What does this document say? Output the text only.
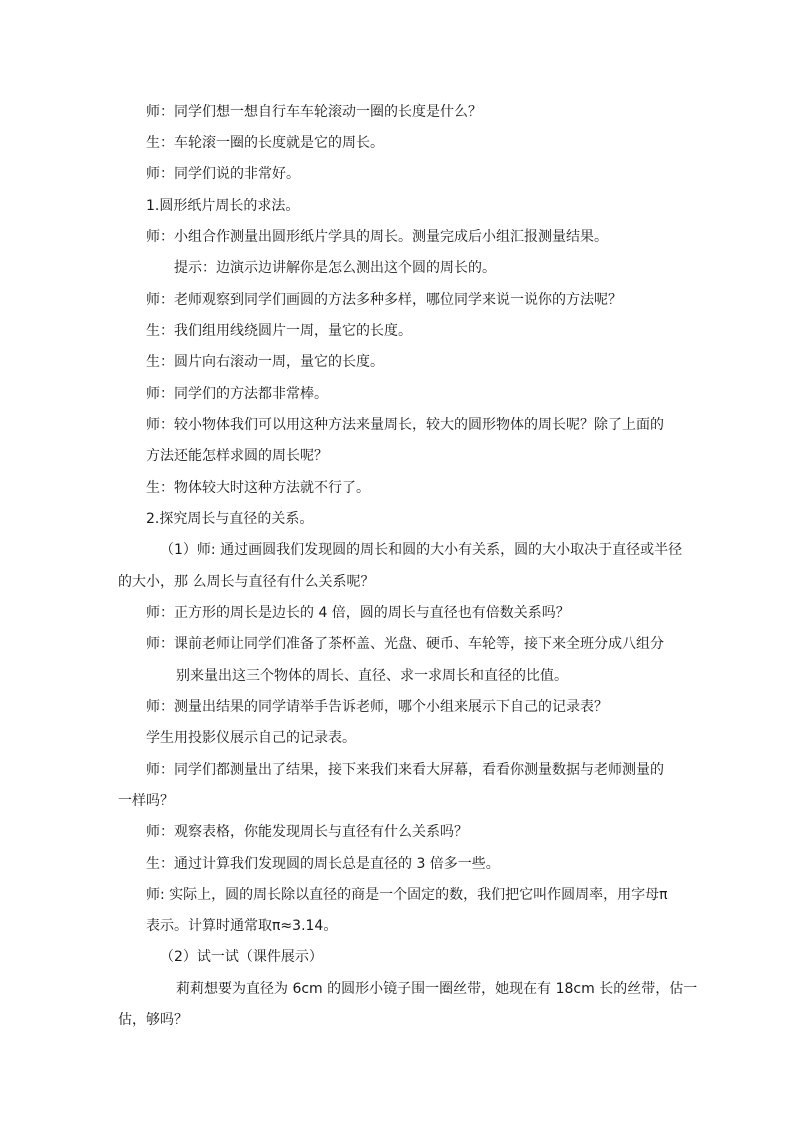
师：同学们想一想自行车车轮滚动一圈的长度是什么？
生：车轮滚一圈的长度就是它的周长。
师：同学们说的非常好。
1.圆形纸片周长的求法。
师：小组合作测量出圆形纸片学具的周长。测量完成后小组汇报测量结果。
提示：边演示边讲解你是怎么测出这个圆的周长的。
师：老师观察到同学们画圆的方法多种多样，哪位同学来说一说你的方法呢？
生：我们组用线绕圆片一周，量它的长度。
生：圆片向右滚动一周，量它的长度。
师：同学们的方法都非常棒。
师：较小物体我们可以用这种方法来量周长，较大的圆形物体的周长呢？除了上面的
方法还能怎样求圆的周长呢？
生：物体较大时这种方法就不行了。
2.探究周长与直径的关系。
（1）师: 通过画圆我们发现圆的周长和圆的大小有关系，圆的大小取决于直径或半径
的大小，那 么周长与直径有什么关系呢？
师：正方形的周长是边长的 4 倍，圆的周长与直径也有倍数关系吗？
师：课前老师让同学们准备了茶杯盖、光盘、硬币、车轮等，接下来全班分成八组分
别来量出这三个物体的周长、直径、求一求周长和直径的比值。
师：测量出结果的同学请举手告诉老师，哪个小组来展示下自己的记录表？
学生用投影仪展示自己的记录表。
师：同学们都测量出了结果，接下来我们来看大屏幕，看看你测量数据与老师测量的
一样吗？
师：观察表格，你能发现周长与直径有什么关系吗？
生：通过计算我们发现圆的周长总是直径的 3 倍多一些。
师: 实际上，圆的周长除以直径的商是一个固定的数，我们把它叫作圆周率，用字母π
表示。计算时通常取π≈3.14。
（2）试一试（课件展示）
莉莉想要为直径为 6cm 的圆形小镜子围一圈丝带，她现在有 18cm 长的丝带，估一
估，够吗？
